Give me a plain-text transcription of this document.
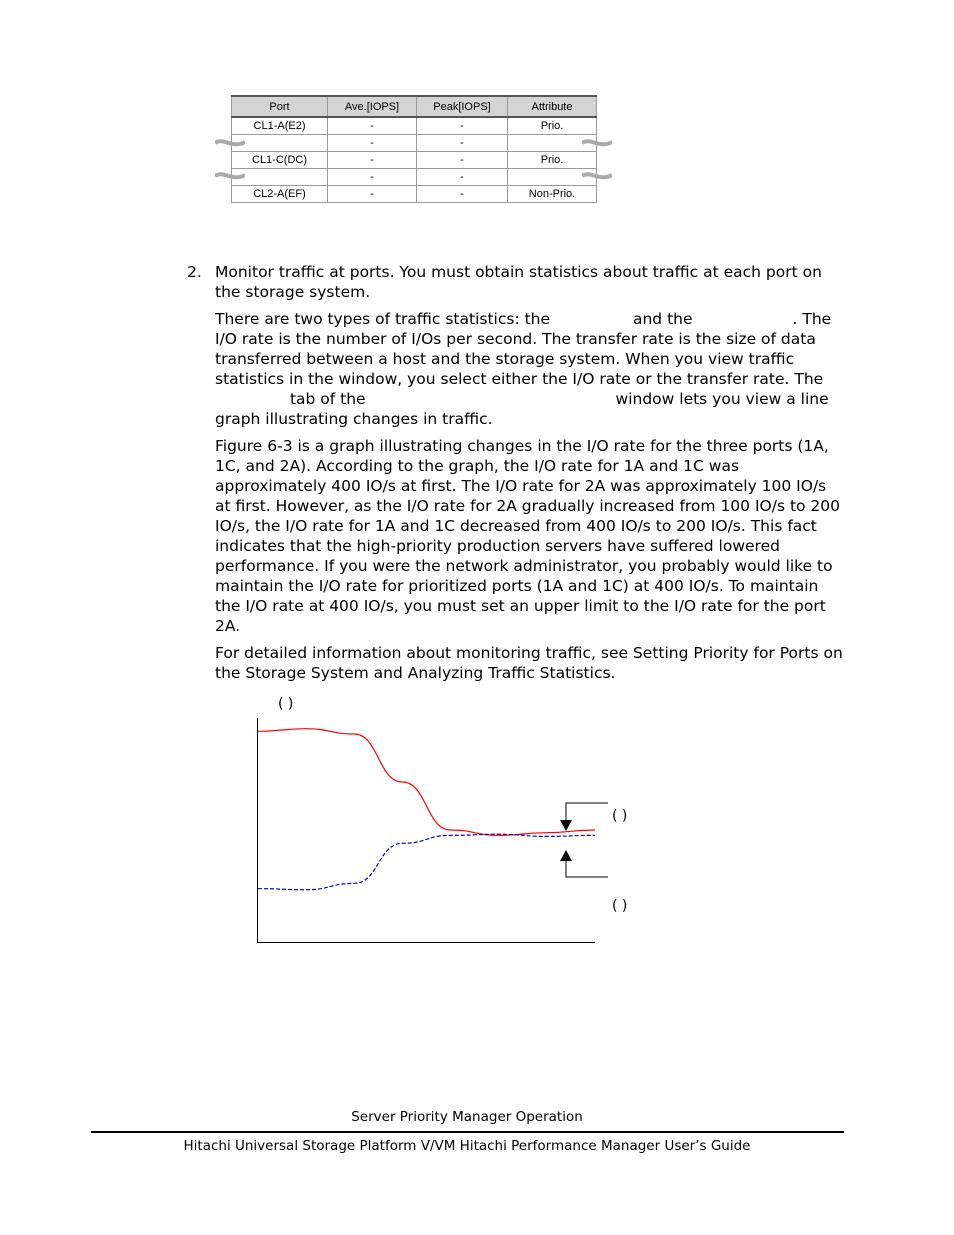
Port	Ave.[IOPS]	Peak[IOPS]	Attribute
CL1-A(E2)	-	-	Prio.
	-	-	
CL1-C(DC)	-	-	Prio.
	-	-	
CL2-A(EF)	-	-	Non-Prio.
2. Monitor traffic at ports. You must obtain statistics about traffic at each port on the storage system.

There are two types of traffic statistics: the	and the	. The I/O rate is the number of I/Os per second. The transfer rate is the size of data transferred between a host and the storage system. When you view traffic statistics in the window, you select either the I/O rate or the transfer rate. The tab of the	window lets you view a line graph illustrating changes in traffic.

Figure 6-3 is a graph illustrating changes in the I/O rate for the three ports (1A, 1C, and 2A). According to the graph, the I/O rate for 1A and 1C was approximately 400 IO/s at first. The I/O rate for 2A was approximately 100 IO/s at first. However, as the I/O rate for 2A gradually increased from 100 IO/s to 200 IO/s, the I/O rate for 1A and 1C decreased from 400 IO/s to 200 IO/s. This fact indicates that the high-priority production servers have suffered lowered performance. If you were the network administrator, you probably would like to maintain the I/O rate for prioritized ports (1A and 1C) at 400 IO/s. To maintain the I/O rate at 400 IO/s, you must set an upper limit to the I/O rate for the port 2A.

For detailed information about monitoring traffic, see Setting Priority for Ports on the Storage System and Analyzing Traffic Statistics.

( )
( )
( )
Server Priority Manager Operation
Hitachi Universal Storage Platform V/VM Hitachi Performance Manager User’s Guide
